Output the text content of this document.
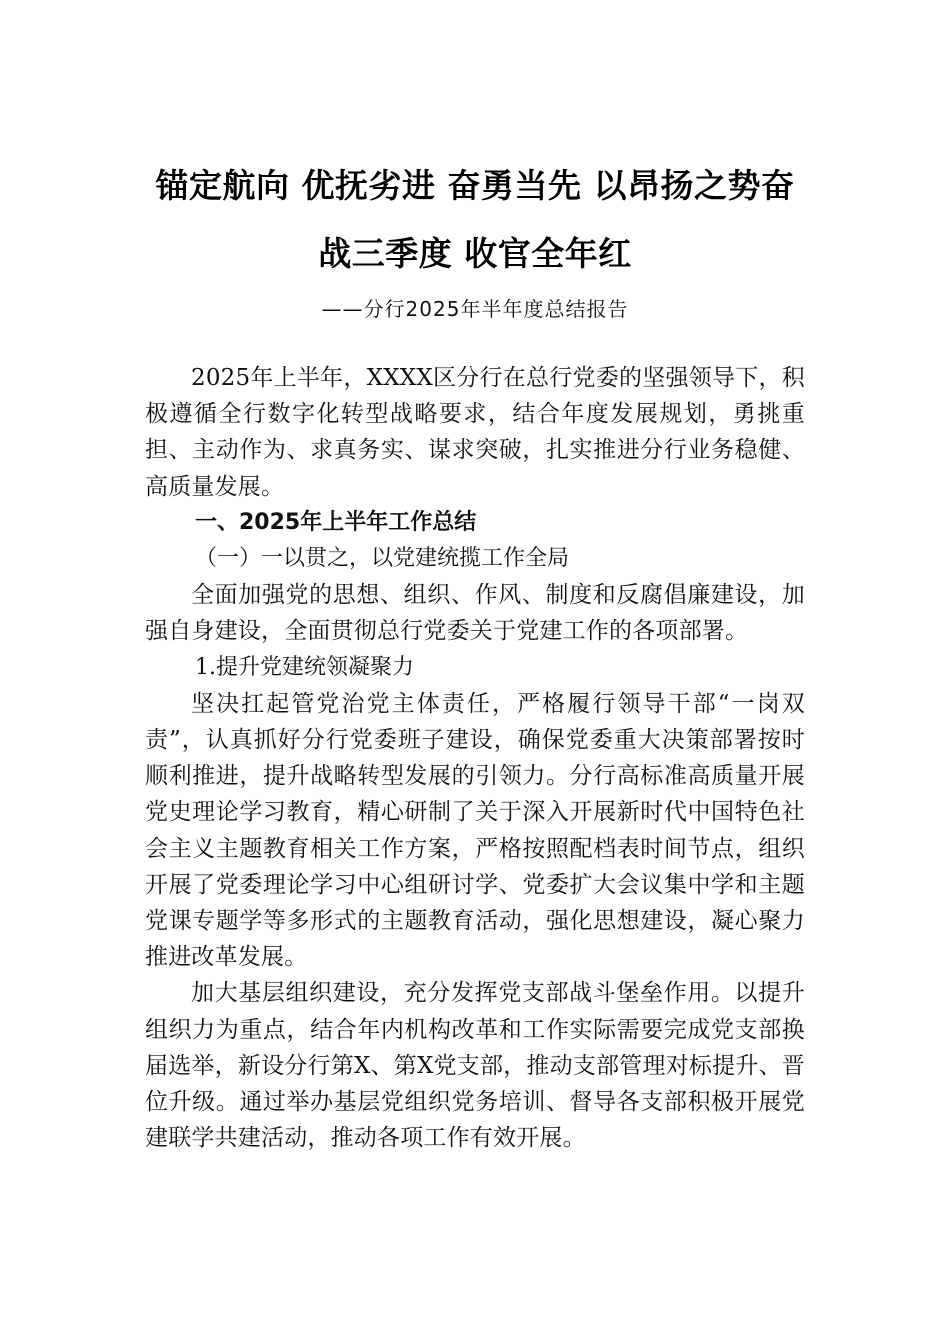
锚定航向 优抚劣进 奋勇当先 以昂扬之势奋
战三季度 收官全年红
——分行2025年半年度总结报告

2025年上半年，XXXX区分行在总行党委的坚强领导下，积极遵循全行数字化转型战略要求，结合年度发展规划，勇挑重担、主动作为、求真务实、谋求突破，扎实推进分行业务稳健、高质量发展。

一、2025年上半年工作总结

（一）一以贯之，以党建统揽工作全局

全面加强党的思想、组织、作风、制度和反腐倡廉建设，加强自身建设，全面贯彻总行党委关于党建工作的各项部署。

1.提升党建统领凝聚力

坚决扛起管党治党主体责任，严格履行领导干部“一岗双责”，认真抓好分行党委班子建设，确保党委重大决策部署按时顺利推进，提升战略转型发展的引领力。分行高标准高质量开展党史理论学习教育，精心研制了关于深入开展新时代中国特色社会主义主题教育相关工作方案，严格按照配档表时间节点，组织开展了党委理论学习中心组研讨学、党委扩大会议集中学和主题党课专题学等多形式的主题教育活动，强化思想建设，凝心聚力推进改革发展。

加大基层组织建设，充分发挥党支部战斗堡垒作用。以提升组织力为重点，结合年内机构改革和工作实际需要完成党支部换届选举，新设分行第X、第X党支部，推动支部管理对标提升、晋位升级。通过举办基层党组织党务培训、督导各支部积极开展党建联学共建活动，推动各项工作有效开展。
